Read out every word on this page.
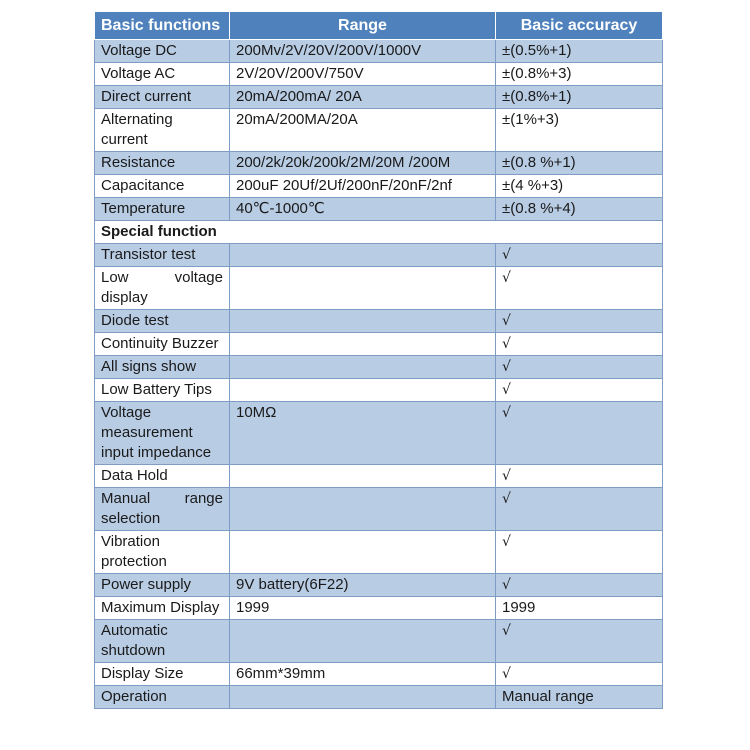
Basic functions	Range	Basic accuracy
Voltage DC	200Mv/2V/20V/200V/1000V	±(0.5%+1)
Voltage AC	2V/20V/200V/750V	±(0.8%+3)
Direct current	20mA/200mA/ 20A	±(0.8%+1)
Alternating current	20mA/200MA/20A	±(1%+3)
Resistance	200/2k/20k/200k/2M/20M /200M	±(0.8 %+1)
Capacitance	200uF 20Uf/2Uf/200nF/20nF/2nf	±(4 %+3)
Temperature	40℃-1000℃	±(0.8 %+4)
Special function		
Transistor test		√
Low voltage display		√
Diode test		√
Continuity Buzzer		√
All signs show		√
Low Battery Tips		√
Voltage measurement input impedance	10MΩ	√
Data Hold		√
Manual range selection		√
Vibration protection		√
Power supply	9V battery(6F22)	√
Maximum Display	1999	1999
Automatic shutdown		√
Display Size	66mm*39mm	√
Operation		Manual range
